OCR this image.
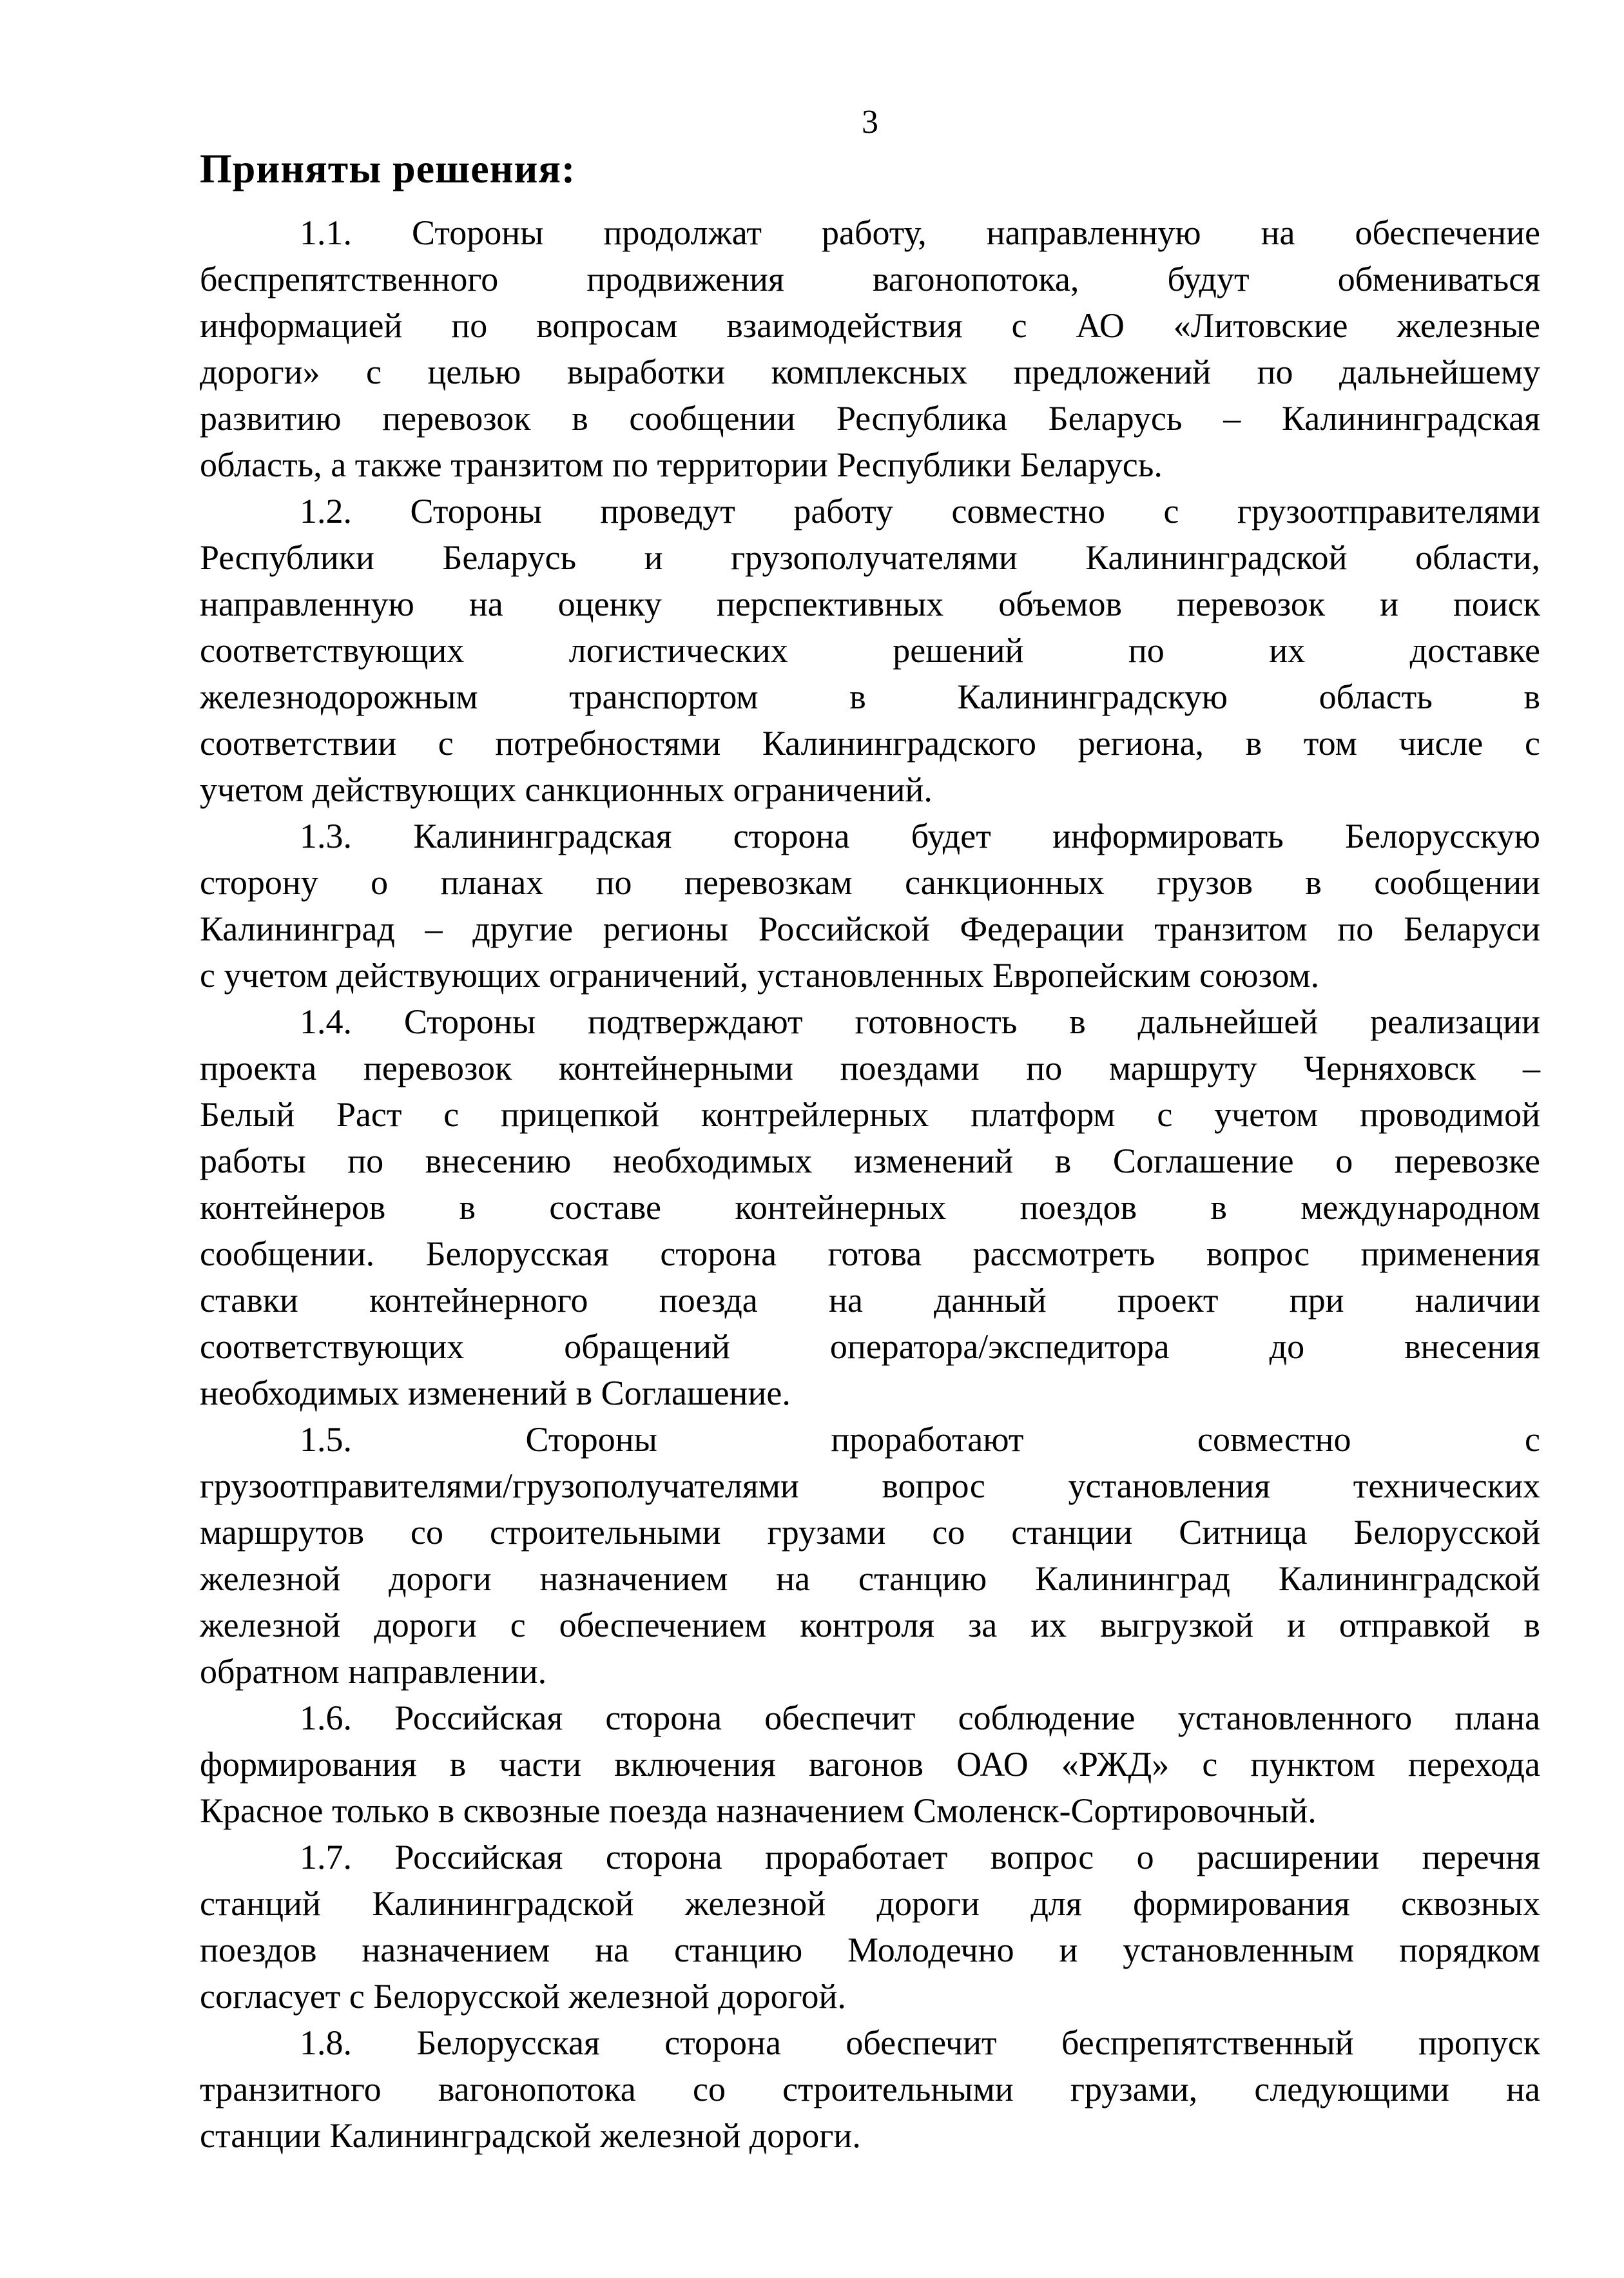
3
Приняты решения:
1.1. Стороны продолжат работу, направленную на обеспечение
беспрепятственного продвижения вагонопотока, будут обмениваться
информацией по вопросам взаимодействия с АО «Литовские железные
дороги» с целью выработки комплексных предложений по дальнейшему
развитию перевозок в сообщении Республика Беларусь – Калининградская
область, а также транзитом по территории Республики Беларусь.
1.2. Стороны проведут работу совместно с грузоотправителями
Республики Беларусь и грузополучателями Калининградской области,
направленную на оценку перспективных объемов перевозок и поиск
соответствующих логистических решений по их доставке
железнодорожным транспортом в Калининградскую область в
соответствии с потребностями Калининградского региона, в том числе с
учетом действующих санкционных ограничений.
1.3. Калининградская сторона будет информировать Белорусскую
сторону о планах по перевозкам санкционных грузов в сообщении
Калининград – другие регионы Российской Федерации транзитом по Беларуси
с учетом действующих ограничений, установленных Европейским союзом.
1.4. Стороны подтверждают готовность в дальнейшей реализации
проекта перевозок контейнерными поездами по маршруту Черняховск –
Белый Раст с прицепкой контрейлерных платформ с учетом проводимой
работы по внесению необходимых изменений в Соглашение о перевозке
контейнеров в составе контейнерных поездов в международном
сообщении. Белорусская сторона готова рассмотреть вопрос применения
ставки контейнерного поезда на данный проект при наличии
соответствующих обращений оператора/экспедитора до внесения
необходимых изменений в Соглашение.
1.5. Стороны проработают совместно с
грузоотправителями/грузополучателями вопрос установления технических
маршрутов со строительными грузами со станции Ситница Белорусской
железной дороги назначением на станцию Калининград Калининградской
железной дороги с обеспечением контроля за их выгрузкой и отправкой в
обратном направлении.
1.6. Российская сторона обеспечит соблюдение установленного плана
формирования в части включения вагонов ОАО «РЖД» с пунктом перехода
Красное только в сквозные поезда назначением Смоленск-Сортировочный.
1.7. Российская сторона проработает вопрос о расширении перечня
станций Калининградской железной дороги для формирования сквозных
поездов назначением на станцию Молодечно и установленным порядком
согласует с Белорусской железной дорогой.
1.8. Белорусская сторона обеспечит беспрепятственный пропуск
транзитного вагонопотока со строительными грузами, следующими на
станции Калининградской железной дороги.
